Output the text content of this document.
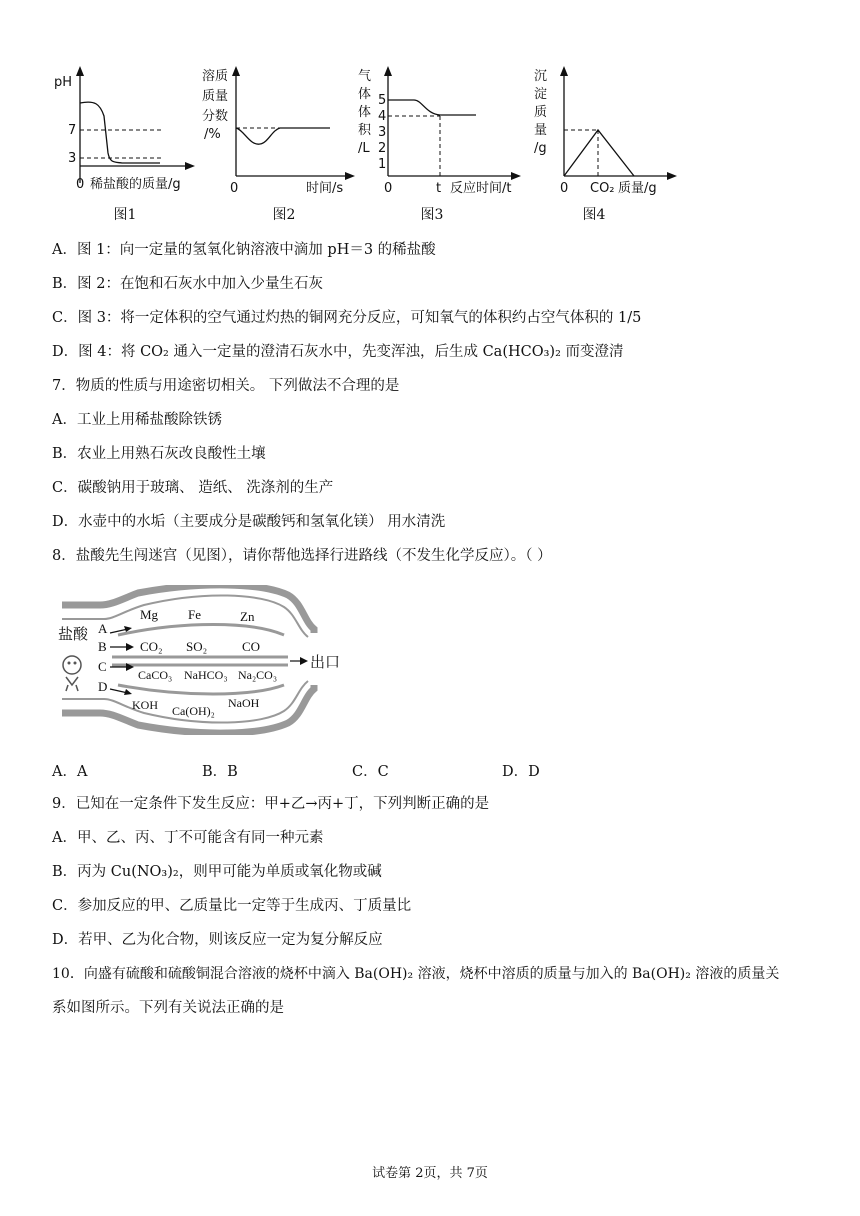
pH
7
3
0 稀盐酸的质量/g
图1
溶质
质量
分数
/%
0	时间/s
图2
气
体
体
积
/L
5
4
3
2
1
0	t 反应时间/t
图3
沉
淀
质
量
/g
0 CO₂ 质量/g
图4
A．图 1：向一定量的氢氧化钠溶液中滴加 pH＝3 的稀盐酸
B．图 2：在饱和石灰水中加入少量生石灰
C．图 3：将一定体积的空气通过灼热的铜网充分反应，可知氧气的体积约占空气体积的 1/5
D．图 4：将 CO₂ 通入一定量的澄清石灰水中，先变浑浊，后生成 Ca(HCO₃)₂ 而变澄清
7．物质的性质与用途密切相关。 下列做法不合理的是
A．工业上用稀盐酸除铁锈
B．农业上用熟石灰改良酸性土壤
C．碳酸钠用于玻璃、 造纸、 洗涤剂的生产
D．水壶中的水垢（主要成分是碳酸钙和氢氧化镁） 用水清洗
8．盐酸先生闯迷宫（见图），请你帮他选择行进路线（不发生化学反应）。（ ）
盐酸 A
B
C
D
Mg Fe	Zn
CO₂ SO₂	CO
CaCO₃ NaHCO₃ Na₂CO₃
KOH Ca(OH)₂
NaOH
出口
A．A	B．B	C．C	D．D
9．已知在一定条件下发生反应：甲+乙→丙+丁，下列判断正确的是
A．甲、乙、丙、丁不可能含有同一种元素
B．丙为 Cu(NO₃)₂，则甲可能为单质或氧化物或碱
C．参加反应的甲、乙质量比一定等于生成丙、丁质量比
D．若甲、乙为化合物，则该反应一定为复分解反应
10．向盛有硫酸和硫酸铜混合溶液的烧杯中滴入 Ba(OH)₂ 溶液，烧杯中溶质的质量与加入的 Ba(OH)₂ 溶液的质量关
系如图所示。下列有关说法正确的是
试卷第 2页，共 7页
